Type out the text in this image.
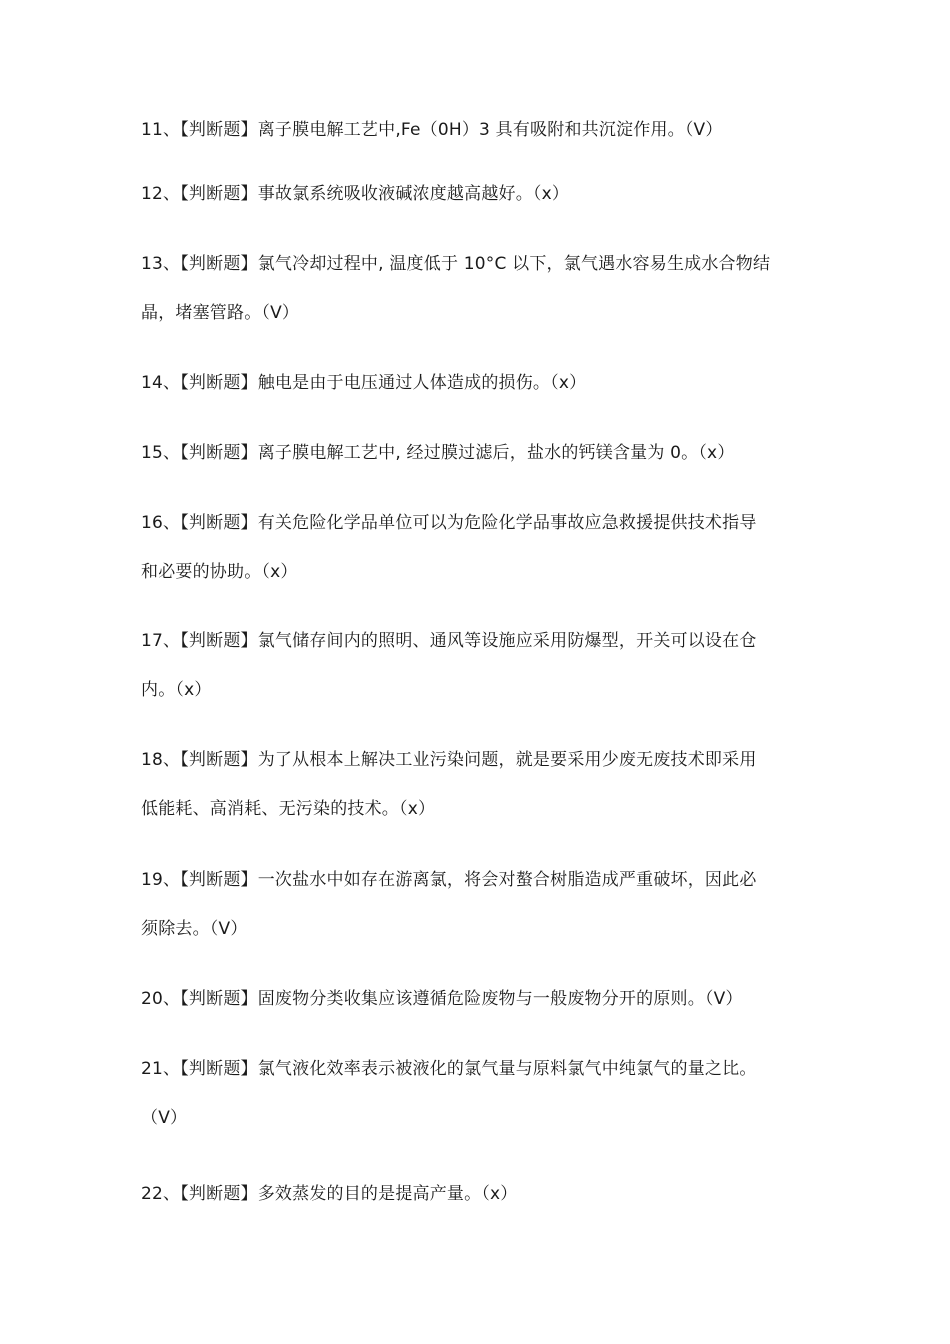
11、【判断题】离子膜电解工艺中,Fe（0H）3 具有吸附和共沉淀作用。（V）
12、【判断题】事故氯系统吸收液碱浓度越高越好。（x）
13、【判断题】氯气冷却过程中, 温度低于 10°C 以下，氯气遇水容易生成水合物结
晶，堵塞管路。（V）
14、【判断题】触电是由于电压通过人体造成的损伤。（x）
15、【判断题】离子膜电解工艺中, 经过膜过滤后，盐水的钙镁含量为 0。（x）
16、【判断题】有关危险化学品单位可以为危险化学品事故应急救援提供技术指导
和必要的协助。（x）
17、【判断题】氯气储存间内的照明、通风等设施应采用防爆型，开关可以设在仓
内。（x）
18、【判断题】为了从根本上解决工业污染问题，就是要采用少废无废技术即采用
低能耗、高消耗、无污染的技术。（x）
19、【判断题】一次盐水中如存在游离氯，将会对螯合树脂造成严重破坏，因此必
须除去。（V）
20、【判断题】固废物分类收集应该遵循危险废物与一般废物分开的原则。（V）
21、【判断题】氯气液化效率表示被液化的氯气量与原料氯气中纯氯气的量之比。
（V）
22、【判断题】多效蒸发的目的是提高产量。（x）
